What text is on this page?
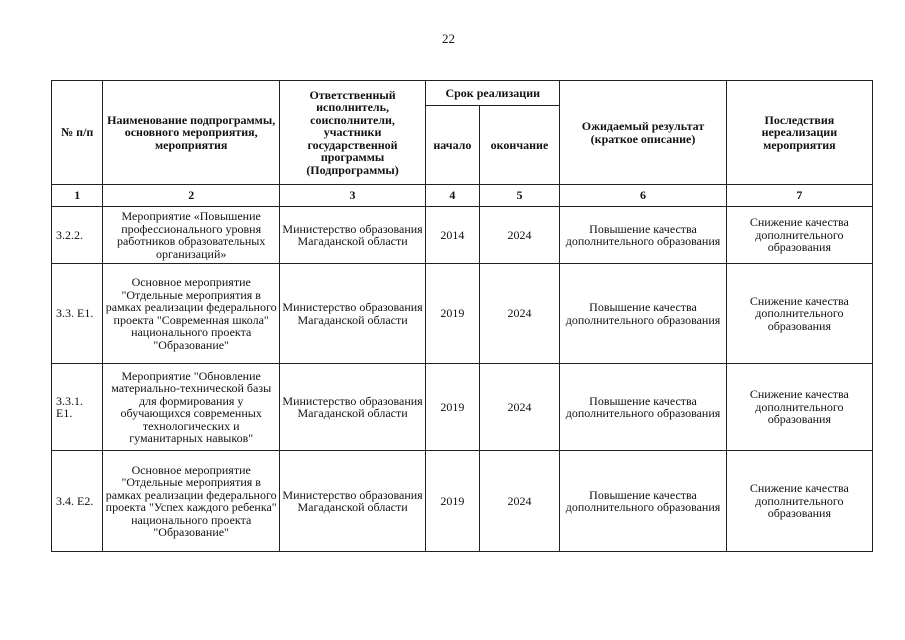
22
№ п/п	Наименование подпрограммы, основного мероприятия, мероприятия	Ответственный исполнитель, соисполнители, участники государственной программы (Подпрограммы)	Срок реализации		Ожидаемый результат (краткое описание)	Последствия нереализации мероприятия
			начало	окончание		
1	2	3	4	5	6	7
3.2.2.	Мероприятие «Повышение профессионального уровня работников образовательных организаций»	Министерство образования Магаданской области	2014	2024	Повышение качества дополнительного образования	Снижение качества дополнительного образования
3.3. Е1.	Основное мероприятие "Отдельные мероприятия в рамках реализации федерального проекта "Современная школа" национального проекта "Образование"	Министерство образования Магаданской области	2019	2024	Повышение качества дополнительного образования	Снижение качества дополнительного образования
3.3.1. Е1.	Мероприятие "Обновление материально-технической базы для формирования у обучающихся современных технологических и гуманитарных навыков"	Министерство образования Магаданской области	2019	2024	Повышение качества дополнительного образования	Снижение качества дополнительного образования
3.4. Е2.	Основное мероприятие "Отдельные мероприятия в рамках реализации федерального проекта "Успех каждого ребенка" национального проекта "Образование"	Министерство образования Магаданской области	2019	2024	Повышение качества дополнительного образования	Снижение качества дополнительного образования
